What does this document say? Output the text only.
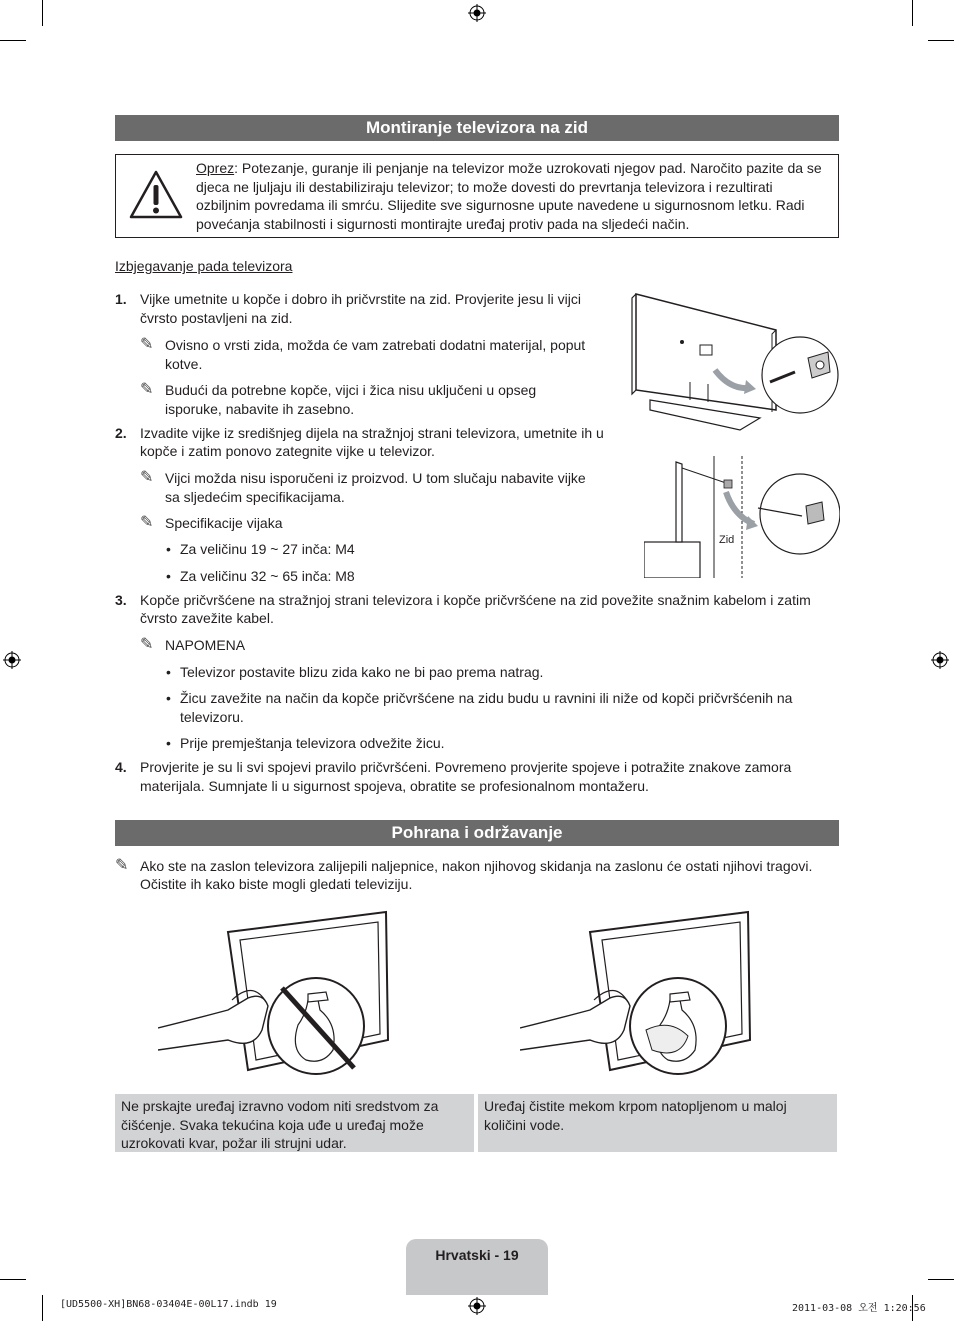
Montiranje televizora na zid
Oprez: Potezanje, guranje ili penjanje na televizor može uzrokovati njegov pad. Naročito pazite da se djeca ne ljuljaju ili destabiliziraju televizor; to može dovesti do prevrtanja televizora i rezultirati ozbiljnim povredama ili smrću. Slijedite sve sigurnosne upute navedene u sigurnosnom letku. Radi povećanja stabilnosti i sigurnosti montirajte uređaj protiv pada na sljedeći način.
Izbjegavanje pada televizora
1. Vijke umetnite u kopče i dobro ih pričvrstite na zid. Provjerite jesu li vijci
čvrsto postavljeni na zid.
✎ Ovisno o vrsti zida, možda će vam zatrebati dodatni materijal, poput
kotve.
✎ Budući da potrebne kopče, vijci i žica nisu uključeni u opseg
isporuke, nabavite ih zasebno.
2. Izvadite vijke iz središnjeg dijela na stražnjoj strani televizora, umetnite ih u
kopče i zatim ponovo zategnite vijke u televizor.
✎ Vijci možda nisu isporučeni iz proizvod. U tom slučaju nabavite vijke
sa sljedećim specifikacijama.
✎ Specifikacije vijaka
• Za veličinu 19 ~ 27 inča: M4
• Za veličinu 32 ~ 65 inča: M8
Zid
3. Kopče pričvršćene na stražnjoj strani televizora i kopče pričvršćene na zid povežite snažnim kabelom i zatim
čvrsto zavežite kabel.
✎ NAPOMENA
• Televizor postavite blizu zida kako ne bi pao prema natrag.
• Žicu zavežite na način da kopče pričvršćene na zidu budu u ravnini ili niže od kopči pričvršćenih na
televizoru.
• Prije premještanja televizora odvežite žicu.
4. Provjerite je su li svi spojevi pravilo pričvršćeni. Povremeno provjerite spojeve i potražite znakove zamora
materijala. Sumnjate li u sigurnost spojeva, obratite se profesionalnom montažeru.
Pohrana i održavanje
✎ Ako ste na zaslon televizora zalijepili naljepnice, nakon njihovog skidanja na zaslonu će ostati njihovi tragovi.
Očistite ih kako biste mogli gledati televiziju.
Ne prskajte uređaj izravno vodom niti sredstvom za
čišćenje. Svaka tekućina koja uđe u uređaj može
uzrokovati kvar, požar ili strujni udar.
Uređaj čistite mekom krpom natopljenom u maloj
količini vode.
Hrvatski - 19
[UD5500-XH]BN68-03404E-00L17.indb 19	2011-03-08 오전 1:20:56
